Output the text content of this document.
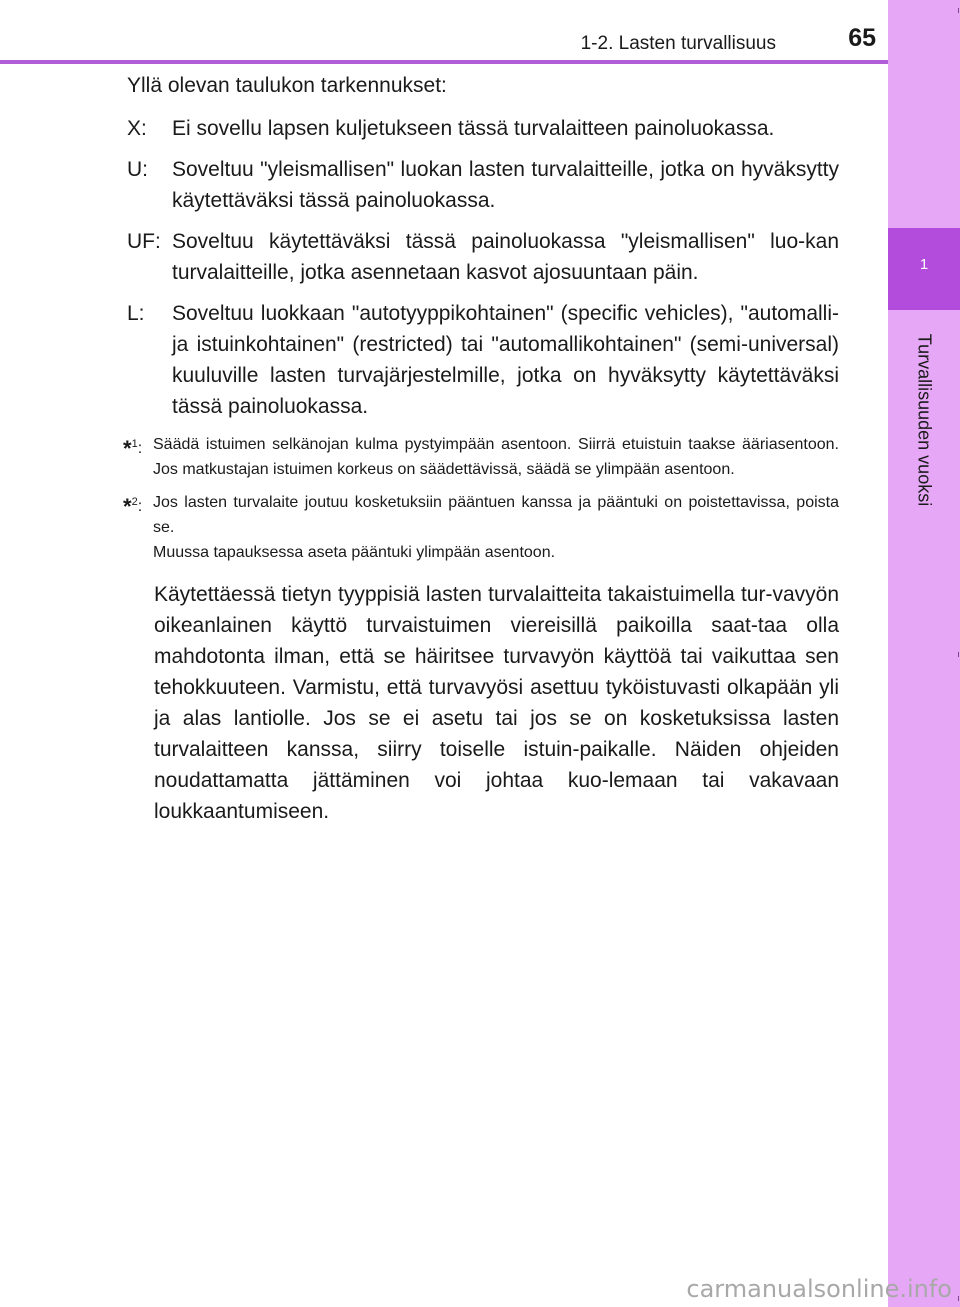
1-2. Lasten turvallisuus	65
1
Turvallisuuden vuoksi

Yllä olevan taulukon tarkennukset:

X:	Ei sovellu lapsen kuljetukseen tässä turvalaitteen painoluokassa.
U:	Soveltuu "yleismallisen" luokan lasten turvalaitteille, jotka on hyväksytty käytettäväksi tässä painoluokassa.
UF: Soveltuu käytettäväksi tässä painoluokassa "yleismallisen" luo-kan turvalaitteille, jotka asennetaan kasvot ajosuuntaan päin.
L:	Soveltuu luokkaan "autotyyppikohtainen" (specific vehicles), "automalli- ja istuinkohtainen" (restricted) tai "automallikohtainen" (semi-universal) kuuluville lasten turvajärjestelmille, jotka on hyväksytty käytettäväksi tässä painoluokassa.
*$^1$: Säädä istuimen selkänojan kulma pystyimpään asentoon. Siirrä etuistuin taakse ääriasentoon. Jos matkustajan istuimen korkeus on säädettävissä, säädä se ylimpään asentoon.
*$^2$: Jos lasten turvalaite joutuu kosketuksiin pääntuen kanssa ja pääntuki on poistettavissa, poista se.
Muussa tapauksessa aseta pääntuki ylimpään asentoon.

Käytettäessä tietyn tyyppisiä lasten turvalaitteita takaistuimella tur-vavyön oikeanlainen käyttö turvaistuimen viereisillä paikoilla saat-taa olla mahdotonta ilman, että se häiritsee turvavyön käyttöä tai vaikuttaa sen tehokkuuteen. Varmistu, että turvavyösi asettuu tyköistuvasti olkapään yli ja alas lantiolle. Jos se ei asetu tai jos se on kosketuksissa lasten turvalaitteen kanssa, siirry toiselle istuin-paikalle. Näiden ohjeiden noudattamatta jättäminen voi johtaa kuo-lemaan tai vakavaan loukkaantumiseen.

carmanualsonline.info
